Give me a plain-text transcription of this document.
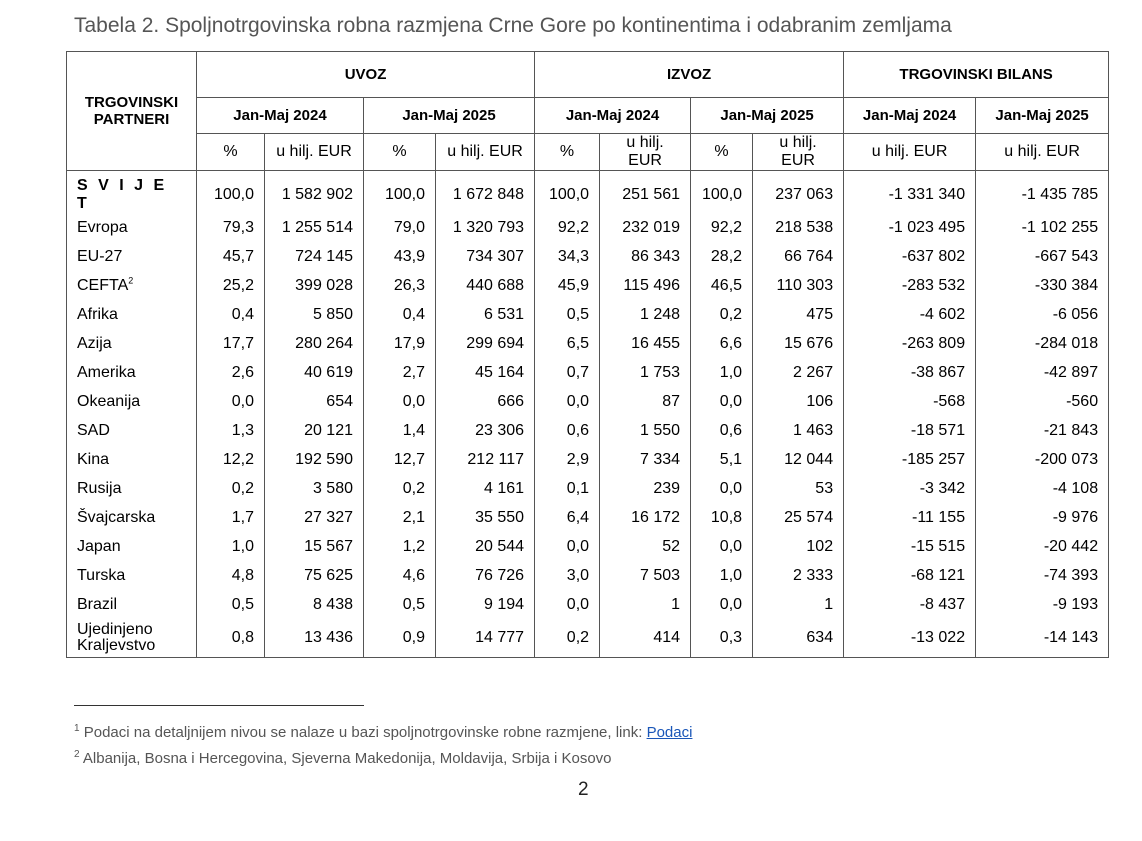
Tabela 2. Spoljnotrgovinska robna razmjena Crne Gore po kontinentima i odabranim zemljama
TRGOVINSKI PARTNERI	UVOZ				IZVOZ				TRGOVINSKI BILANS	
	Jan-Maj 2024		Jan-Maj 2025		Jan-Maj 2024		Jan-Maj 2025		Jan-Maj 2024	Jan-Maj 2025
	%	u hilj. EUR	%	u hilj. EUR	%	u hilj. EUR	%	u hilj. EUR	u hilj. EUR	u hilj. EUR
S V I J E T	100,0	1 582 902	100,0	1 672 848	100,0	251 561	100,0	237 063	-1 331 340	-1 435 785
Evropa	79,3	1 255 514	79,0	1 320 793	92,2	232 019	92,2	218 538	-1 023 495	-1 102 255
EU-27	45,7	724 145	43,9	734 307	34,3	86 343	28,2	66 764	-637 802	-667 543
CEFTA$^2$	25,2	399 028	26,3	440 688	45,9	115 496	46,5	110 303	-283 532	-330 384
Afrika	0,4	5 850	0,4	6 531	0,5	1 248	0,2	475	-4 602	-6 056
Azija	17,7	280 264	17,9	299 694	6,5	16 455	6,6	15 676	-263 809	-284 018
Amerika	2,6	40 619	2,7	45 164	0,7	1 753	1,0	2 267	-38 867	-42 897
Okeanija	0,0	654	0,0	666	0,0	87	0,0	106	-568	-560
SAD	1,3	20 121	1,4	23 306	0,6	1 550	0,6	1 463	-18 571	-21 843
Kina	12,2	192 590	12,7	212 117	2,9	7 334	5,1	12 044	-185 257	-200 073
Rusija	0,2	3 580	0,2	4 161	0,1	239	0,0	53	-3 342	-4 108
Švajcarska	1,7	27 327	2,1	35 550	6,4	16 172	10,8	25 574	-11 155	-9 976
Japan	1,0	15 567	1,2	20 544	0,0	52	0,0	102	-15 515	-20 442
Turska	4,8	75 625	4,6	76 726	3,0	7 503	1,0	2 333	-68 121	-74 393
Brazil	0,5	8 438	0,5	9 194	0,0	1	0,0	1	-8 437	-9 193
Ujedinjeno Kraljevstvo	0,8	13 436	0,9	14 777	0,2	414	0,3	634	-13 022	-14 143
$^1$ Podaci na detaljnijem nivou se nalaze u bazi spoljnotrgovinske robne razmjene, link: Podaci
$^2$ Albanija, Bosna i Hercegovina, Sjeverna Makedonija, Moldavija, Srbija i Kosovo
2
